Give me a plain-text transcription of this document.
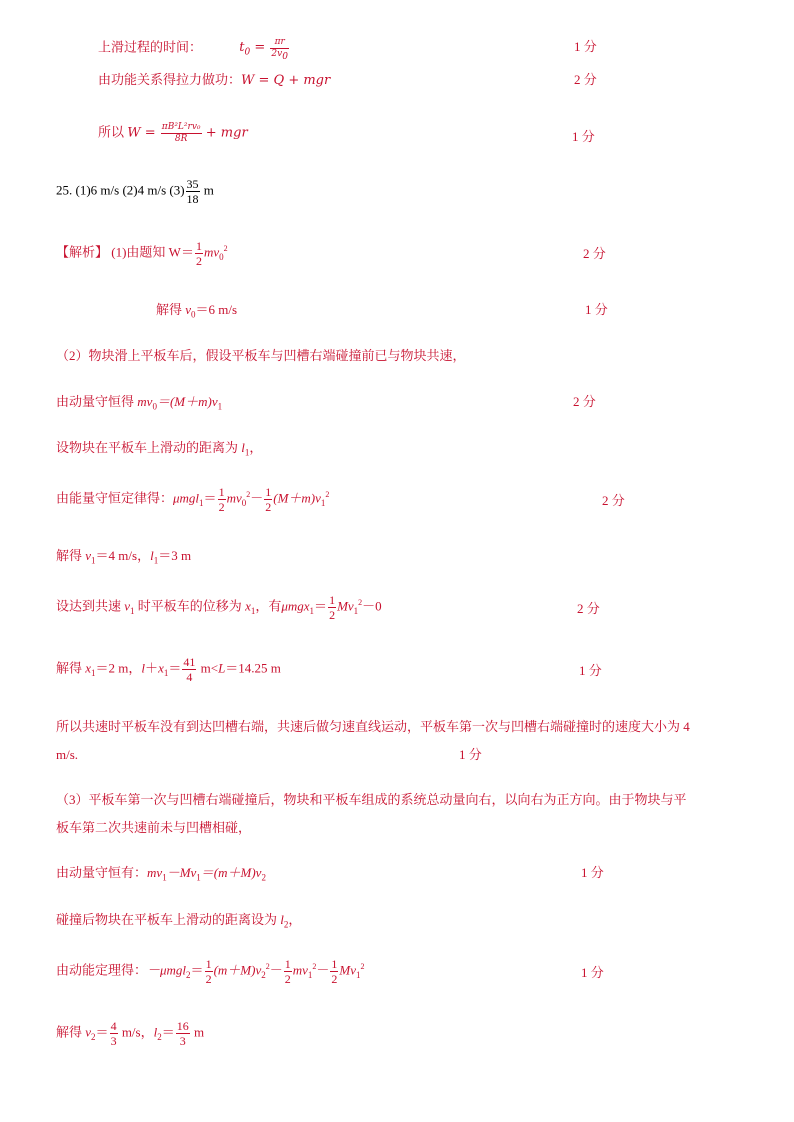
上滑过程的时间：	$t_0 = \frac{\pi r}{2v_0}$	1 分
由功能关系得拉力做功：W = Q + mgr	2 分
所以 $W = \frac{\text{πB²L²rv₀}}{8R}$ + mgr	1 分
25. (1)6 m/s (2)4 m/s $(3) \frac{35}{18}$ m
【解析】 (1)由题知 $W= \frac{1}{2} mv_0^2$	2 分
解得 $v_0=6$ m/s	1 分
（2）物块滑上平板车后，假设平板车与凹槽右端碰撞前已与物块共速，
由动量守恒得 $mv_0=(M+m)v_1$	2 分
设物块在平板车上滑动的距离为 $l_1$，
由能量守恒定律得：$\mu mgl_1= \frac{1}{2} mv_0^2- \frac{1}{2} (M+m)v_1^2$	2 分
解得 $v_1=4$ m/s，$l_1=3$ m
设达到共速 $v_1$ 时平板车的位移为 $x_1$，有$\mu mgx_1= \frac{1}{2} Mv_1^2-0$	2 分
解得 $x_1=2$ m，$l+x_1= \frac{41}{4} m<L=14.25$ m	1 分
所以共速时平板车没有到达凹槽右端，共速后做匀速直线运动，平板车第一次与凹槽右端碰撞时的速度大小为 4
m/s.	1 分
（3）平板车第一次与凹槽右端碰撞后，物块和平板车组成的系统总动量向右，以向右为正方向。由于物块与平
板车第二次共速前未与凹槽相碰，
由动量守恒有：$mv_1-Mv_1=(m+M)v_2$	1 分
碰撞后物块在平板车上滑动的距离设为 $l_2$，
由动能定理得：$-\mu mgl_2= \frac{1}{2} (m+M)v_2^2- \frac{1}{2} mv_1^2- \frac{1}{2} Mv_1^2$	1 分
解得 $v_2= \frac{4}{3} m/s$，$l_2= \frac{16}{3}$ m
